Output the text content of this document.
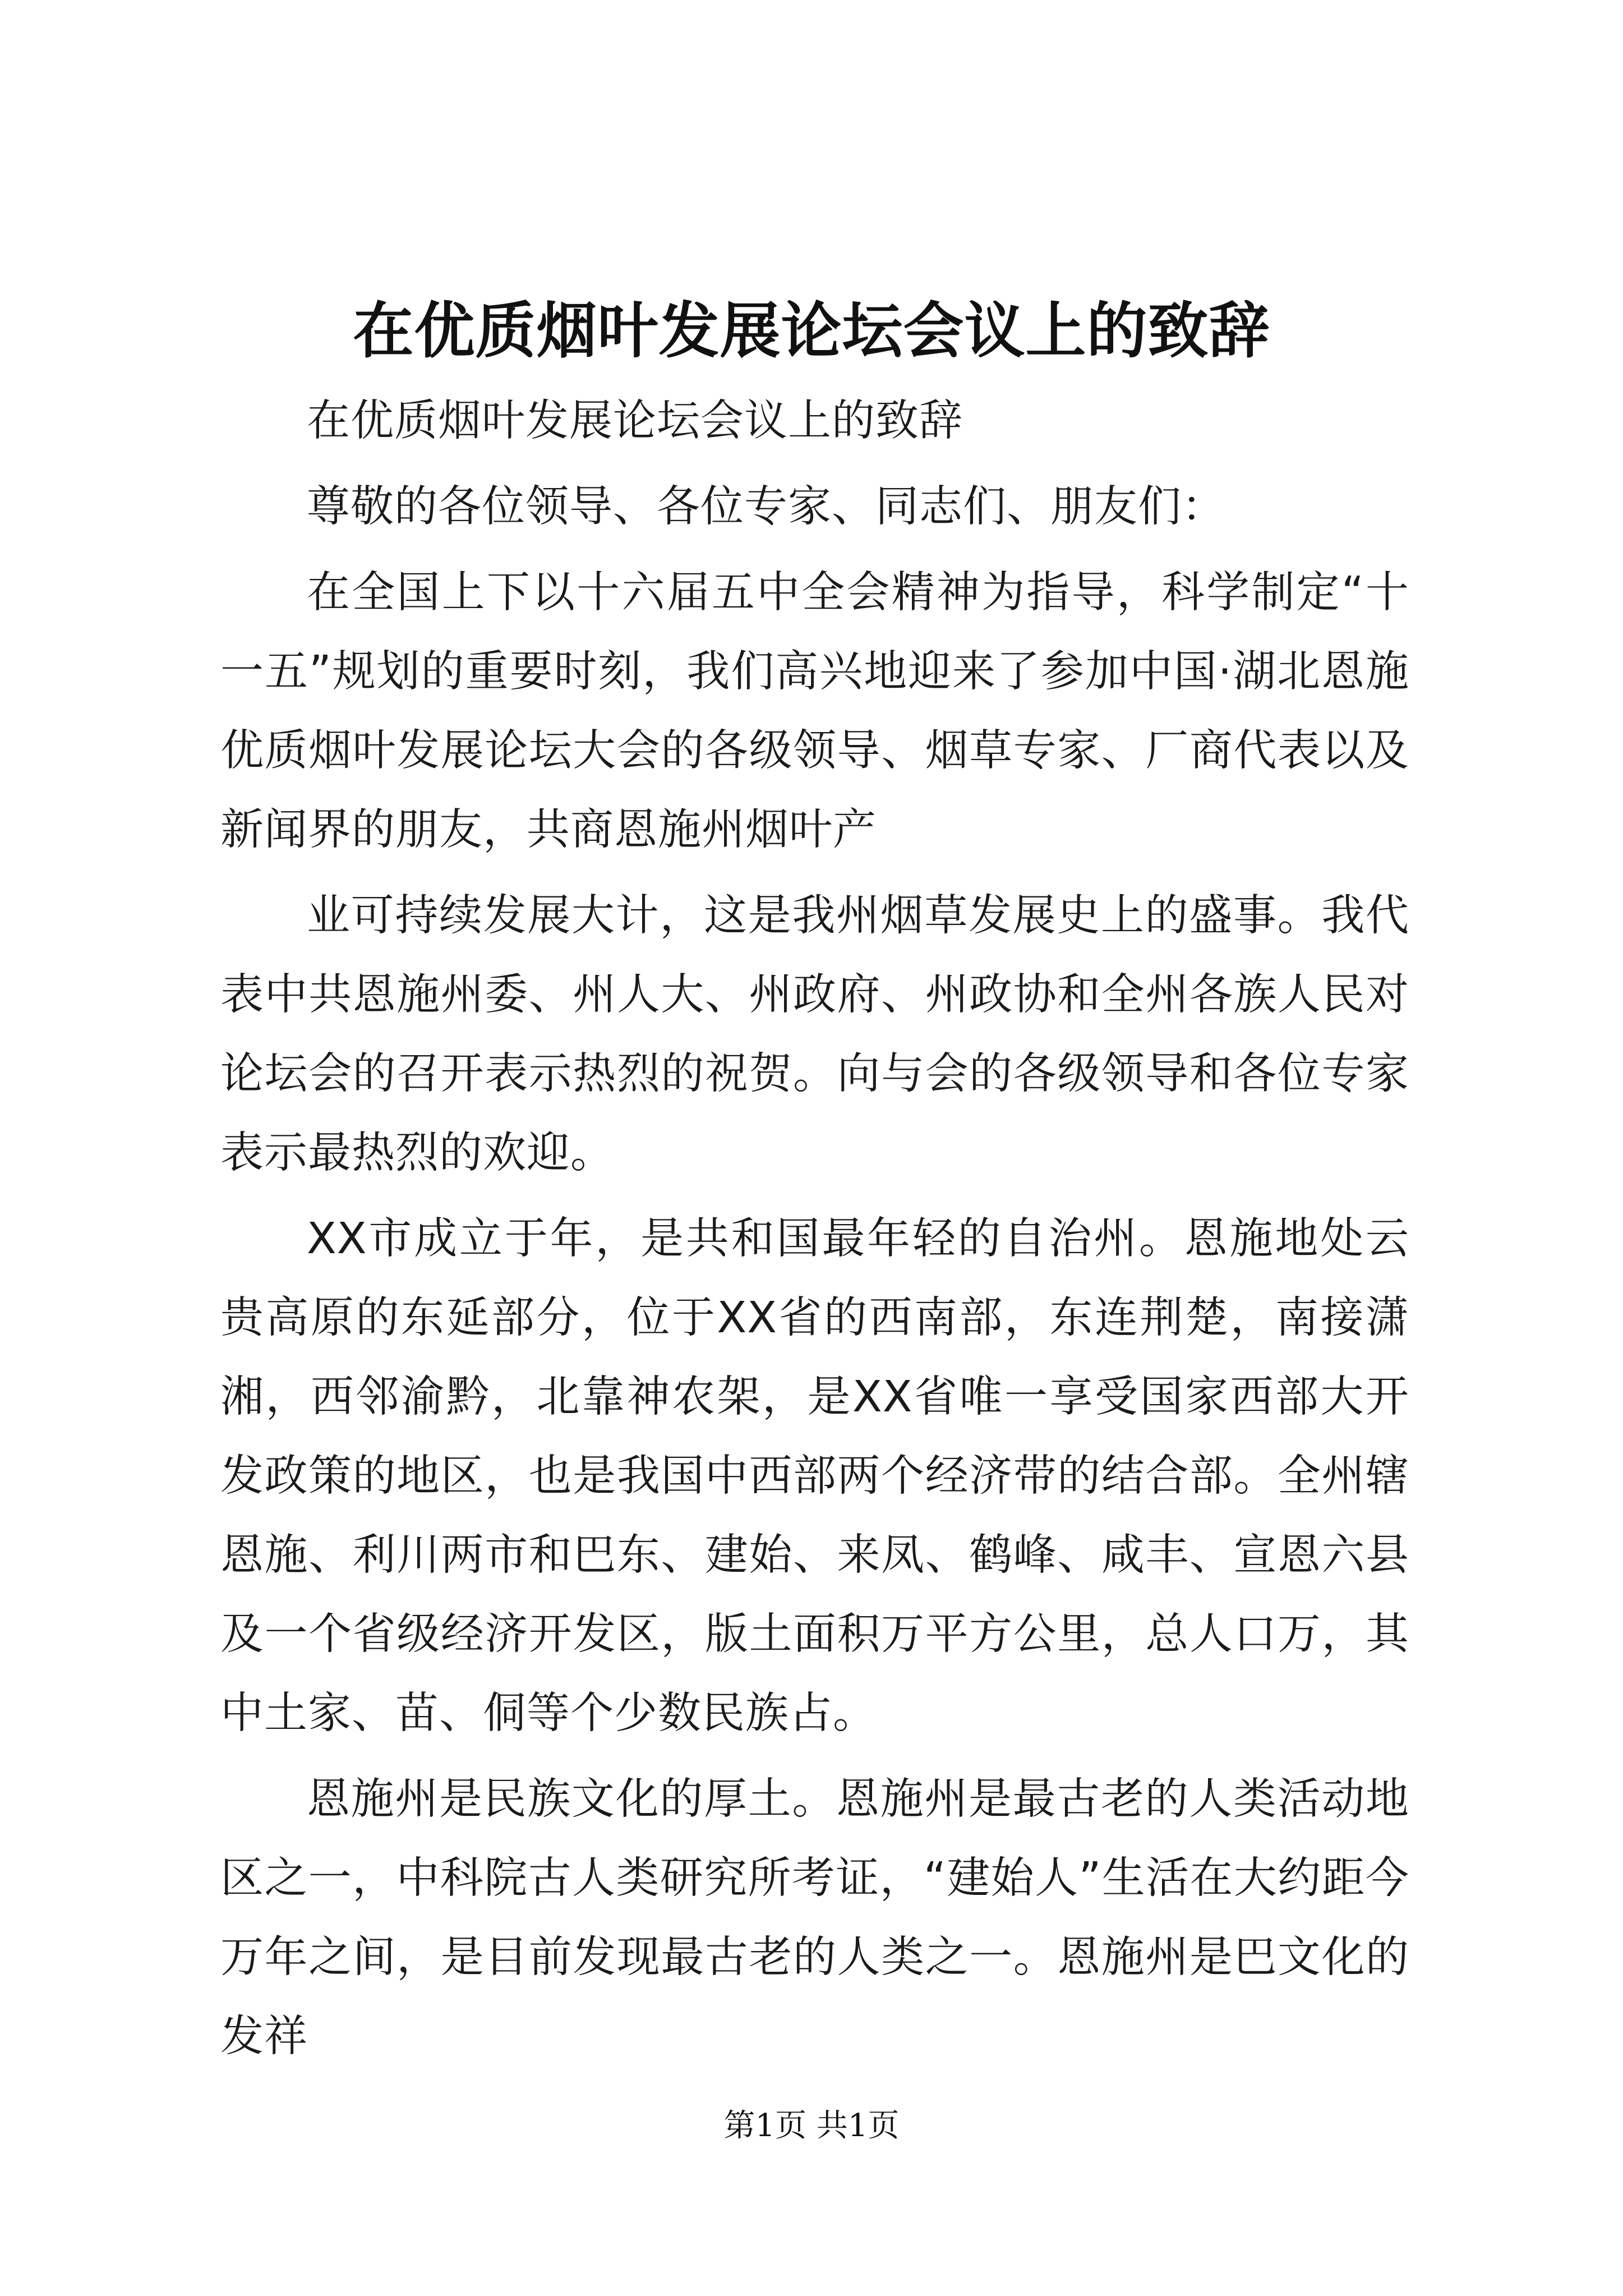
在优质烟叶发展论坛会议上的致辞

在优质烟叶发展论坛会议上的致辞

尊敬的各位领导、各位专家、同志们、朋友们：

在全国上下以十六届五中全会精神为指导，科学制定“十一五”规划的重要时刻，我们高兴地迎来了参加中国·湖北恩施优质烟叶发展论坛大会的各级领导、烟草专家、厂商代表以及新闻界的朋友，共商恩施州烟叶产

业可持续发展大计，这是我州烟草发展史上的盛事。我代表中共恩施州委、州人大、州政府、州政协和全州各族人民对论坛会的召开表示热烈的祝贺。向与会的各级领导和各位专家表示最热烈的欢迎。

XX市成立于年，是共和国最年轻的自治州。恩施地处云贵高原的东延部分，位于XX省的西南部，东连荆楚，南接潇湘，西邻渝黔，北靠神农架，是XX省唯一享受国家西部大开发政策的地区，也是我国中西部两个经济带的结合部。全州辖恩施、利川两市和巴东、建始、来凤、鹤峰、咸丰、宣恩六县及一个省级经济开发区，版土面积万平方公里，总人口万，其中土家、苗、侗等个少数民族占。

恩施州是民族文化的厚土。恩施州是最古老的人类活动地区之一，中科院古人类研究所考证，“建始人”生活在大约距今万年之间，是目前发现最古老的人类之一。恩施州是巴文化的发祥

第1页 共1页
